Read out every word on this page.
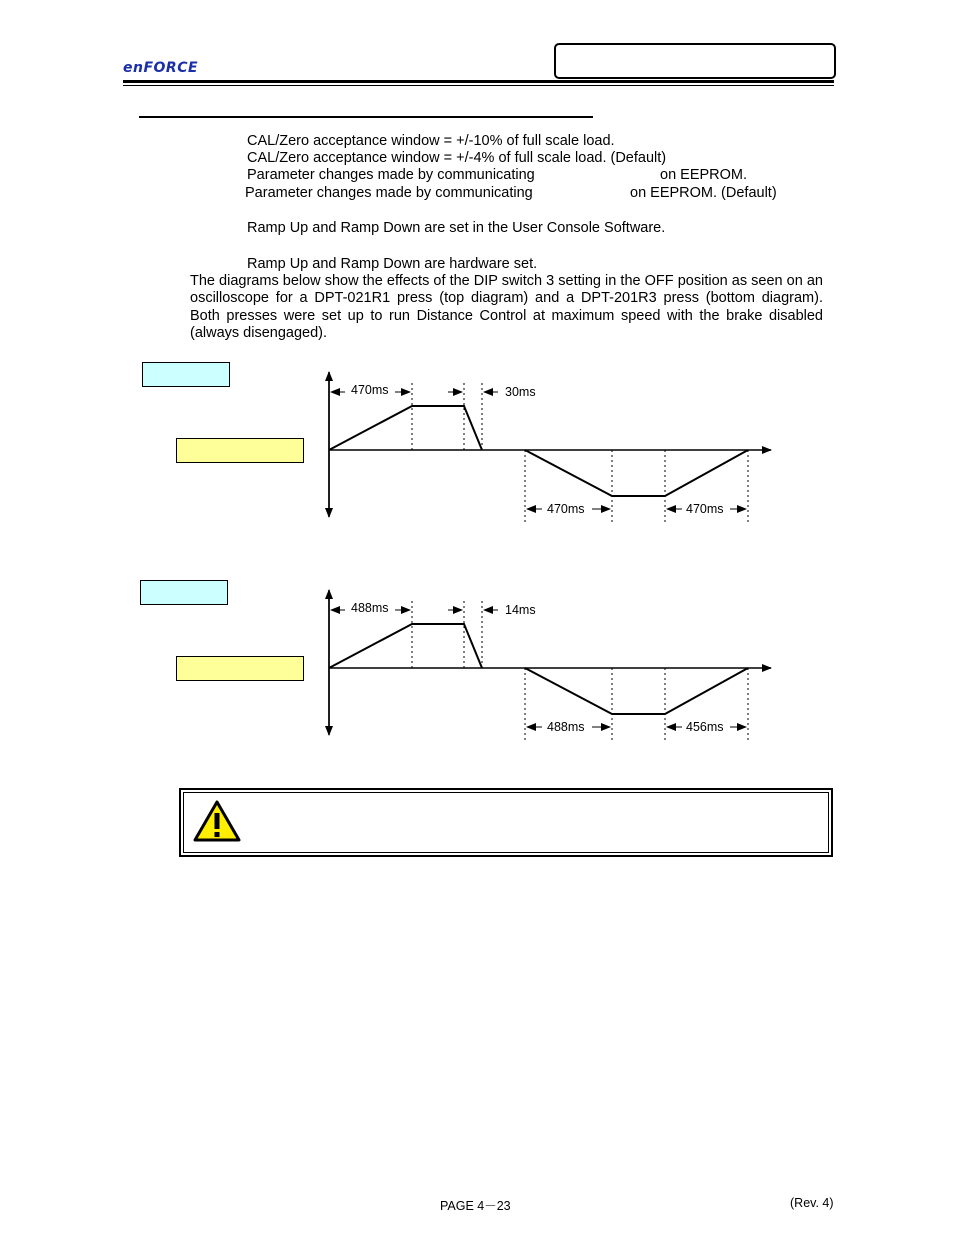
enFORCE
CAL/Zero acceptance window = +/-10% of full scale load.
CAL/Zero acceptance window = +/-4% of full scale load. (Default)
Parameter changes made by communicating	on EEPROM.
Parameter changes made by communicating	on EEPROM. (Default)
Ramp Up and Ramp Down are set in the User Console Software.
Ramp Up and Ramp Down are hardware set.
The diagrams below show the effects of the DIP switch 3 setting in the OFF position as seen on an oscilloscope for a DPT-021R1 press (top diagram) and a DPT-201R3 press (bottom diagram). Both presses were set up to run Distance Control at maximum speed with the brake disabled (always disengaged).
470ms	30ms
470ms	470ms
488ms	14ms
488ms	456ms
PAGE 4－23	(Rev. 4)
